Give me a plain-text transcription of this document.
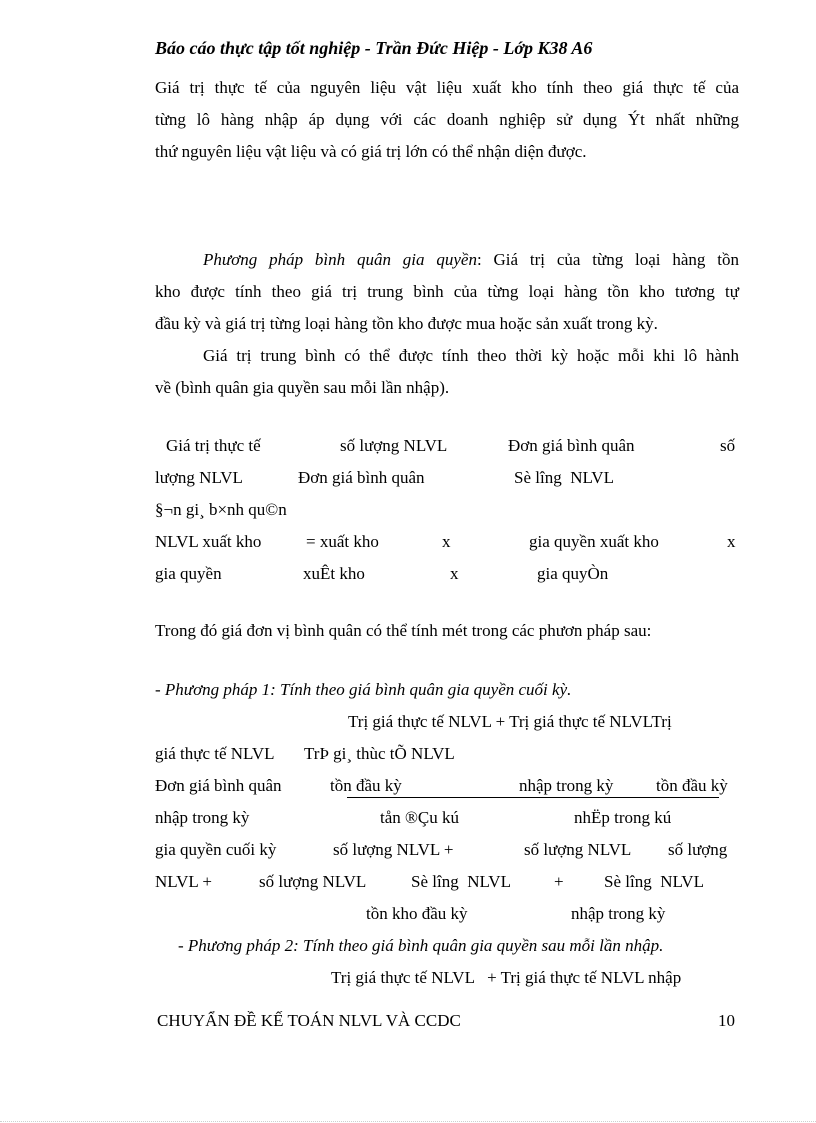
Báo cáo thực tập tốt nghiệp - Trần Đức Hiệp - Lớp K38 A6
Giá trị thực tế của nguyên liệu vật liệu xuất kho tính theo giá thực tế của
từng lô hàng nhập áp dụng với các doanh nghiệp sử dụng Ýt nhất những
thứ nguyên liệu vật liệu và có giá trị lớn có thể nhận diện được.
Phương pháp bình quân gia quyền: Giá trị của từng loại hàng tồn
kho được tính theo giá trị trung bình của từng loại hàng tồn kho tương tự
đầu kỳ và giá trị từng loại hàng tồn kho được mua hoặc sản xuất trong kỳ.
Giá trị trung bình có thể được tính theo thời kỳ hoặc mỗi khi lô hành
về (bình quân gia quyền sau mỗi lần nhập).
Giá trị thực tế	số lượng NLVL	Đơn giá bình quân	số
lượng NLVL	Đơn giá bình quân	Sè lîng  NLVL
§¬n gi¸ b×nh qu©n
NLVL xuất kho	= xuất kho	x	gia quyền xuất kho	x
gia quyền	xuÊt kho	x	gia quyÒn
Trong đó giá đơn vị bình quân có thể tính mét trong các phươn pháp sau:
- Phương pháp 1: Tính theo giá bình quân gia quyền cuối kỳ.
Trị giá thực tế NLVL + Trị giá thực tế NLVLTrị
giá thực tế NLVL TrÞ gi¸ thùc tÕ NLVL
Đơn giá bình quân	tồn đầu kỳ	nhập trong kỳ	tồn đầu kỳ
nhập trong kỳ	tån ®Çu kú	nhËp trong kú
gia quyền cuối kỳ	số lượng NLVL +	số lượng NLVL số lượng
NLVL +	số lượng NLVL	Sè lîng  NLVL	+ Sè lîng  NLVL
tồn kho đầu kỳ	nhập trong kỳ
- Phương pháp 2: Tính theo giá bình quân gia quyền sau mỗi lần nhập.
Trị giá thực tế NLVL   + Trị giá thực tế NLVL nhập
CHUYẨN ĐỀ KẾ TOÁN NLVL VÀ CCDC	10
